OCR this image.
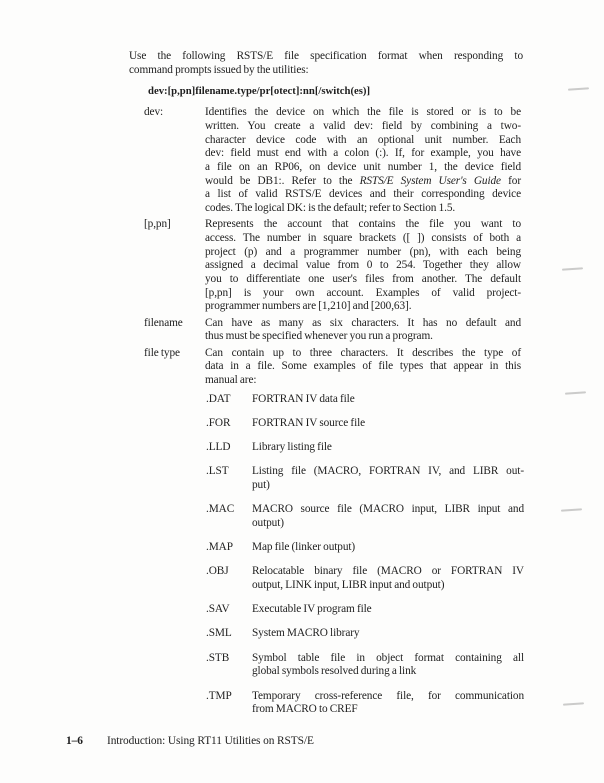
Use the following RSTS/E file specification format when responding to
command prompts issued by the utilities:
dev:[p,pn]filename.type/pr[otect]:nn[/switch(es)]
dev:	Identifies the device on which the file is stored or is to be
written. You create a valid dev: field by combining a two-
character device code with an optional unit number. Each
dev: field must end with a colon (:). If, for example, you have
a file on an RP06, on device unit number 1, the device field
would be DB1:. Refer to the RSTS/E System User's Guide for
a list of valid RSTS/E devices and their corresponding device
codes. The logical DK: is the default; refer to Section 1.5.
[p,pn]	Represents the account that contains the file you want to
access. The number in square brackets ([ ]) consists of both a
project (p) and a programmer number (pn), with each being
assigned a decimal value from 0 to 254. Together they allow
you to differentiate one user's files from another. The default
[p,pn] is your own account. Examples of valid project-
programmer numbers are [1,210] and [200,63].
filename	Can have as many as six characters. It has no default and
thus must be specified whenever you run a program.
file type	Can contain up to three characters. It describes the type of
data in a file. Some examples of file types that appear in this
manual are:
.DAT	FORTRAN IV data file
.FOR	FORTRAN IV source file
.LLD	Library listing file
.LST	Listing file (MACRO, FORTRAN IV, and LIBR out-
put)
.MAC	MACRO source file (MACRO input, LIBR input and
output)
.MAP	Map file (linker output)
.OBJ	Relocatable binary file (MACRO or FORTRAN IV
output, LINK input, LIBR input and output)
.SAV	Executable IV program file
.SML	System MACRO library
.STB	Symbol table file in object format containing all
global symbols resolved during a link
.TMP	Temporary cross-reference file, for communication
from MACRO to CREF
1–6	Introduction: Using RT11 Utilities on RSTS/E
